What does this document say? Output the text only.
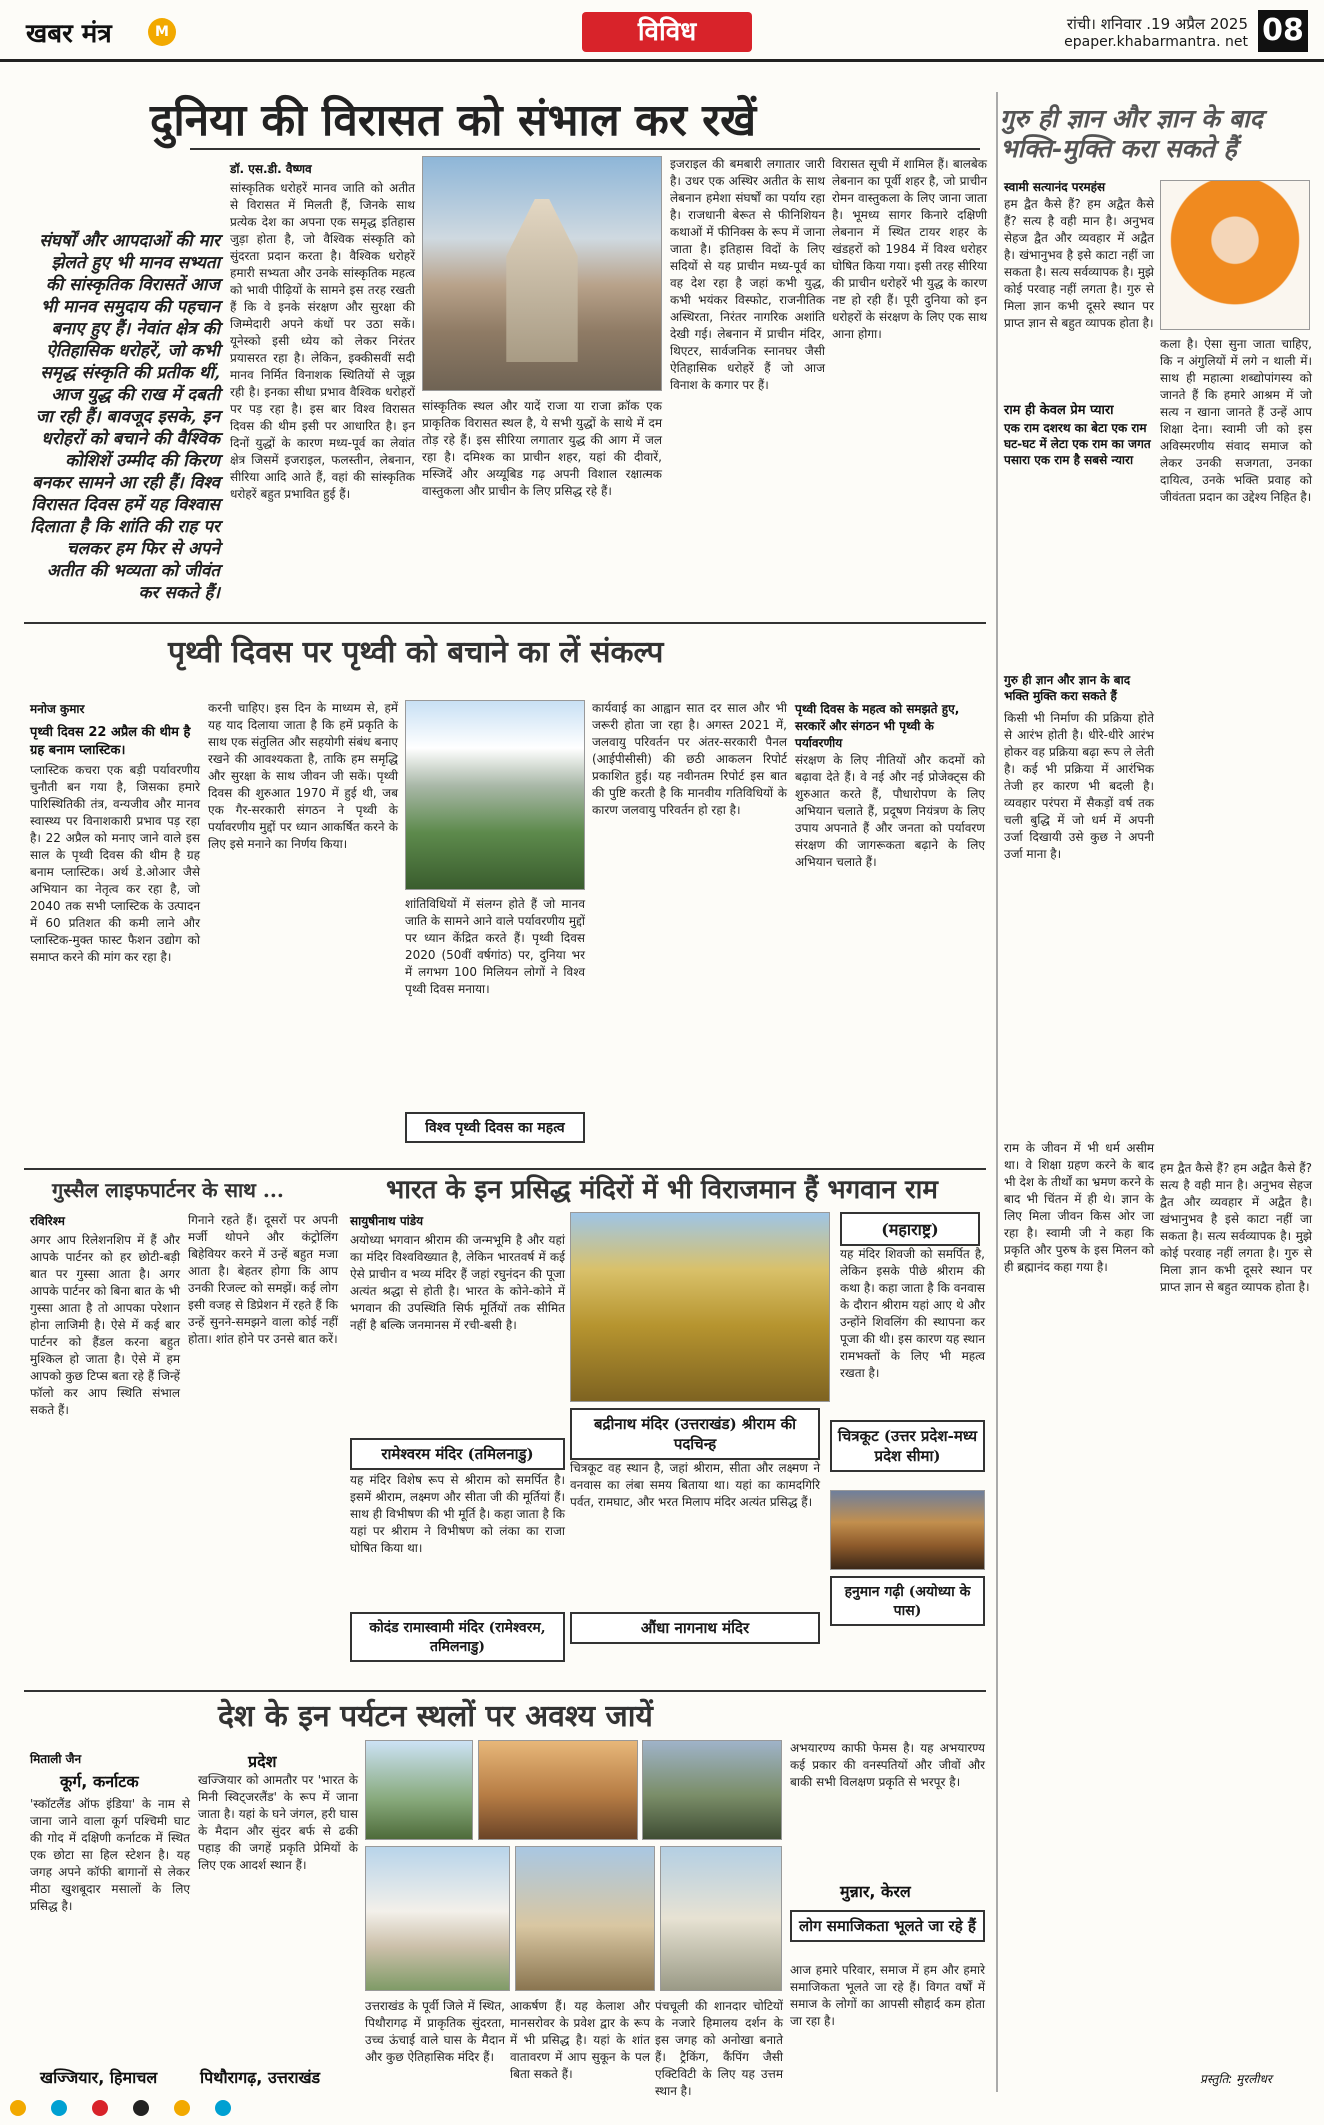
खबर मंत्र	M	विविध	रांची। शनिवार .19 अप्रैल 2025
epaper.khabarmantra. net 08
दुनिया की विरासत को संभाल कर रखें
संघर्षों और आपदाओं की मार झेलते हुए भी मानव सभ्यता की सांस्कृतिक विरासतें आज भी मानव समुदाय की पहचान बनाए हुए हैं। नेवांत क्षेत्र की ऐतिहासिक धरोहरें, जो कभी समृद्ध संस्कृति की प्रतीक थीं, आज युद्ध की राख में दबती जा रही हैं। बावजूद इसके, इन धरोहरों को बचाने की वैश्विक कोशिशें उम्मीद की किरण बनकर सामने आ रही हैं। विश्व विरासत दिवस हमें यह विश्वास दिलाता है कि शांति की राह पर चलकर हम फिर से अपने अतीत की भव्यता को जीवंत कर सकते हैं।
डॉ. एस.डी. वैष्णव
सांस्कृतिक धरोहरें मानव जाति को अतीत से विरासत में मिलती हैं, जिनके साथ प्रत्येक देश का अपना एक समृद्ध इतिहास जुड़ा होता है, जो वैश्विक संस्कृति को सुंदरता प्रदान करता है। वैश्विक धरोहरें हमारी सभ्यता और उनके सांस्कृतिक महत्व को भावी पीढ़ियों के सामने इस तरह रखती हैं कि वे इनके संरक्षण और सुरक्षा की जिम्मेदारी अपने कंधों पर उठा सकें। यूनेस्को इसी ध्येय को लेकर निरंतर प्रयासरत रहा है। लेकिन, इक्कीसवीं सदी मानव निर्मित विनाशक स्थितियों से जूझ रही है। इनका सीधा प्रभाव वैश्विक धरोहरों पर पड़ रहा है। इस बार विश्व विरासत दिवस की थीम इसी पर आधारित है। इन दिनों युद्धों के कारण मध्य-पूर्व का लेवांत क्षेत्र जिसमें इजराइल, फलस्तीन, लेबनान, सीरिया आदि आते हैं, वहां की सांस्कृतिक धरोहरें बहुत प्रभावित हुई हैं।
सांस्कृतिक स्थल और यादें राजा या राजा क्रॉक एक प्राकृतिक विरासत स्थल है, ये सभी युद्धों के साथे में दम तोड़ रहे हैं। इस सीरिया लगातार युद्ध की आग में जल रहा है। दमिश्क का प्राचीन शहर, यहां की दीवारें, मस्जिदें और अय्यूबिड गढ़ अपनी विशाल रक्षात्मक वास्तुकला और प्राचीन के लिए प्रसिद्ध रहे हैं।
इजराइल की बमबारी लगातार जारी है। उधर एक अस्थिर अतीत के साथ लेबनान हमेशा संघर्षों का पर्याय रहा है। राजधानी बेरूत से फीनिशियन कथाओं में फीनिक्स के रूप में जाना जाता है। इतिहास विदों के लिए सदियों से यह प्राचीन मध्य-पूर्व का वह देश रहा है जहां कभी युद्ध, कभी भयंकर विस्फोट, राजनीतिक अस्थिरता, निरंतर नागरिक अशांति देखी गई। लेबनान में प्राचीन मंदिर, थिएटर, सार्वजनिक स्नानघर जैसी ऐतिहासिक धरोहरें हैं जो आज विनाश के कगार पर हैं।
विरासत सूची में शामिल हैं। बालबेक लेबनान का पूर्वी शहर है, जो प्राचीन रोमन वास्तुकला के लिए जाना जाता है। भूमध्य सागर किनारे दक्षिणी लेबनान में स्थित टायर शहर के खंडहरों को 1984 में विश्व धरोहर घोषित किया गया। इसी तरह सीरिया की प्राचीन धरोहरें भी युद्ध के कारण नष्ट हो रही हैं। पूरी दुनिया को इन धरोहरों के संरक्षण के लिए एक साथ आना होगा।
गुरु ही ज्ञान और ज्ञान के बाद भक्ति-मुक्ति करा सकते हैं
स्वामी सत्यानंद परमहंस
हम द्वैत कैसे हैं? हम अद्वैत कैसे हैं? सत्य है वही मान है। अनुभव सेहज द्वैत और व्यवहार में अद्वैत है। खंभानुभव है इसे काटा नहीं जा सकता है। सत्य सर्वव्यापक है। मुझे कोई परवाह नहीं लगता है। गुरु से मिला ज्ञान कभी दूसरे स्थान पर प्राप्त ज्ञान से बहुत व्यापक होता है।
राम ही केवल प्रेम प्यारा
एक राम दशरथ का बेटा एक राम घट-घट में लेटा एक राम का जगत पसारा एक राम है सबसे न्यारा
कला है। ऐसा सुना जाता चाहिए, कि न अंगुलियों में लगे न थाली में। साथ ही महात्मा शब्द्योपांगस्य को जानते हैं कि हमारे आश्रम में जो सत्य न खाना जानते हैं उन्हें आप शिक्षा देना। स्वामी जी को इस अविस्मरणीय संवाद समाज को लेकर उनकी सजगता, उनका दायित्व, उनके भक्ति प्रवाह को जीवंतता प्रदान का उद्देश्य निहित है।
गुरु ही ज्ञान और ज्ञान के बाद भक्ति मुक्ति करा सकते हैं
किसी भी निर्माण की प्रक्रिया होते से आरंभ होती है। धीरे-धीरे आरंभ होकर वह प्रक्रिया बढ़ा रूप ले लेती है। कई भी प्रक्रिया में आरंभिक तेजी हर कारण भी बदली है। व्यवहार परंपरा में सैकड़ों वर्ष तक चली बुद्धि में जो धर्म में अपनी उर्जा दिखायी उसे कुछ ने अपनी उर्जा माना है।
राम के जीवन में भी धर्म असीम था। वे शिक्षा ग्रहण करने के बाद भी देश के तीर्थों का भ्रमण करने के बाद भी चिंतन में ही थे। ज्ञान के लिए मिला जीवन किस ओर जा रहा है। स्वामी जी ने कहा कि प्रकृति और पुरुष के इस मिलन को ही ब्रह्मानंद कहा गया है।
हम द्वैत कैसे हैं? हम अद्वैत कैसे हैं? सत्य है वही मान है। अनुभव सेहज द्वैत और व्यवहार में अद्वैत है। खंभानुभव है इसे काटा नहीं जा सकता है। सत्य सर्वव्यापक है। मुझे कोई परवाह नहीं लगता है। गुरु से मिला ज्ञान कभी दूसरे स्थान पर प्राप्त ज्ञान से बहुत व्यापक होता है।
प्रस्तुति: मुरलीधर
पृथ्वी दिवस पर पृथ्वी को बचाने का लें संकल्प
मनोज कुमार
पृथ्वी दिवस 22 अप्रैल की थीम है ग्रह बनाम प्लास्टिक।
प्लास्टिक कचरा एक बड़ी पर्यावरणीय चुनौती बन गया है, जिसका हमारे पारिस्थितिकी तंत्र, वन्यजीव और मानव स्वास्थ्य पर विनाशकारी प्रभाव पड़ रहा है। 22 अप्रैल को मनाए जाने वाले इस साल के पृथ्वी दिवस की थीम है ग्रह बनाम प्लास्टिक। अर्थ डे.ओआर जैसे अभियान का नेतृत्व कर रहा है, जो 2040 तक सभी प्लास्टिक के उत्पादन में 60 प्रतिशत की कमी लाने और प्लास्टिक-मुक्त फास्ट फैशन उद्योग को समाप्त करने की मांग कर रहा है।
करनी चाहिए। इस दिन के माध्यम से, हमें यह याद दिलाया जाता है कि हमें प्रकृति के साथ एक संतुलित और सहयोगी संबंध बनाए रखने की आवश्यकता है, ताकि हम समृद्धि और सुरक्षा के साथ जीवन जी सकें। पृथ्वी दिवस की शुरुआत 1970 में हुई थी, जब एक गैर-सरकारी संगठन ने पृथ्वी के पर्यावरणीय मुद्दों पर ध्यान आकर्षित करने के लिए इसे मनाने का निर्णय किया।
शांतिविधियों में संलग्न होते हैं जो मानव जाति के सामने आने वाले पर्यावरणीय मुद्दों पर ध्यान केंद्रित करते हैं। पृथ्वी दिवस 2020 (50वीं वर्षगांठ) पर, दुनिया भर में लगभग 100 मिलियन लोगों ने विश्व पृथ्वी दिवस मनाया।
विश्व पृथ्वी दिवस का महत्व
कार्यवाई का आह्वान सात दर साल और भी जरूरी होता जा रहा है। अगस्त 2021 में, जलवायु परिवर्तन पर अंतर-सरकारी पैनल (आईपीसीसी) की छठी आकलन रिपोर्ट प्रकाशित हुई। यह नवीनतम रिपोर्ट इस बात की पुष्टि करती है कि मानवीय गतिविधियों के कारण जलवायु परिवर्तन हो रहा है।
पृथ्वी दिवस के महत्व को समझते हुए, सरकारें और संगठन भी पृथ्वी के पर्यावरणीय
संरक्षण के लिए नीतियों और कदमों को बढ़ावा देते हैं। वे नई और नई प्रोजेक्ट्स की शुरुआत करते हैं, पौधारोपण के लिए अभियान चलाते हैं, प्रदूषण नियंत्रण के लिए उपाय अपनाते हैं और जनता को पर्यावरण संरक्षण की जागरूकता बढ़ाने के लिए अभियान चलाते हैं।
गुस्सैल लाइफपार्टनर के साथ ...
रविरिश्म
अगर आप रिलेशनशिप में हैं और आपके पार्टनर को हर छोटी-बड़ी बात पर गुस्सा आता है। अगर आपके पार्टनर को बिना बात के भी गुस्सा आता है तो आपका परेशान होना लाजिमी है। ऐसे में कई बार पार्टनर को हैंडल करना बहुत मुश्किल हो जाता है। ऐसे में हम आपको कुछ टिप्स बता रहे हैं जिन्हें फॉलो कर आप स्थिति संभाल सकते हैं।
गिनाने रहते हैं। दूसरों पर अपनी मर्जी थोपने और कंट्रोलिंग बिहेवियर करने में उन्हें बहुत मजा आता है। बेहतर होगा कि आप उनकी रिजल्ट को समझें। कई लोग इसी वजह से डिप्रेशन में रहते हैं कि उन्हें सुनने-समझने वाला कोई नहीं होता। शांत होने पर उनसे बात करें।
भारत के इन प्रसिद्ध मंदिरों में भी विराजमान हैं भगवान राम
सायुषीनाथ पांडेय
अयोध्या भगवान श्रीराम की जन्मभूमि है और यहां का मंदिर विश्वविख्यात है, लेकिन भारतवर्ष में कई ऐसे प्राचीन व भव्य मंदिर हैं जहां रघुनंदन की पूजा अत्यंत श्रद्धा से होती है। भारत के कोने-कोने में भगवान की उपस्थिति सिर्फ मूर्तियों तक सीमित नहीं है बल्कि जनमानस में रची-बसी है।
(महाराष्ट्र)
यह मंदिर शिवजी को समर्पित है, लेकिन इसके पीछे श्रीराम की कथा है। कहा जाता है कि वनवास के दौरान श्रीराम यहां आए थे और उन्होंने शिवलिंग की स्थापना कर पूजा की थी। इस कारण यह स्थान रामभक्तों के लिए भी महत्व रखता है।
चित्रकूट (उत्तर प्रदेश-मध्य प्रदेश सीमा)
रामेश्वरम मंदिर (तमिलनाडु)
यह मंदिर विशेष रूप से श्रीराम को समर्पित है। इसमें श्रीराम, लक्ष्मण और सीता जी की मूर्तियां हैं। साथ ही विभीषण की भी मूर्ति है। कहा जाता है कि यहां पर श्रीराम ने विभीषण को लंका का राजा घोषित किया था।
बद्रीनाथ मंदिर (उत्तराखंड) श्रीराम की पदचिन्ह
चित्रकूट वह स्थान है, जहां श्रीराम, सीता और लक्ष्मण ने वनवास का लंबा समय बिताया था। यहां का कामदगिरि पर्वत, रामघाट, और भरत मिलाप मंदिर अत्यंत प्रसिद्ध हैं।
हनुमान गढ़ी (अयोध्या के पास)
कोदंड रामास्वामी मंदिर (रामेश्वरम, तमिलनाडु)
औंधा नागनाथ मंदिर
देश के इन पर्यटन स्थलों पर अवश्य जायें
मिताली जैन
कूर्ग, कर्नाटक
'स्कॉटलैंड ऑफ इंडिया' के नाम से जाना जाने वाला कूर्ग पश्चिमी घाट की गोद में दक्षिणी कर्नाटक में स्थित एक छोटा सा हिल स्टेशन है। यह जगह अपने कॉफी बागानों से लेकर मीठा खुशबूदार मसालों के लिए प्रसिद्ध है।
प्रदेश
खज्जियार को आमतौर पर 'भारत के मिनी स्विट्जरलैंड' के रूप में जाना जाता है। यहां के घने जंगल, हरी घास के मैदान और सुंदर बर्फ से ढकी पहाड़ की जगहें प्रकृति प्रेमियों के लिए एक आदर्श स्थान हैं।
अभयारण्य काफी फेमस है। यह अभयारण्य कई प्रकार की वनस्पतियों और जीवों और बाकी सभी विलक्षण प्रकृति से भरपूर है।
मुन्नार, केरल
लोग समाजिकता भूलते जा रहे हैं
आज हमारे परिवार, समाज में हम और हमारे समाजिकता भूलते जा रहे हैं। विगत वर्षों में समाज के लोगों का आपसी सौहार्द कम होता जा रहा है।
उत्तराखंड के पूर्वी जिले में स्थित, पिथौरागढ़ में प्राकृतिक सुंदरता, उच्च ऊंचाई वाले घास के मैदान और कुछ ऐतिहासिक मंदिर हैं।
आकर्षण हैं। यह केलाश और मानसरोवर के प्रवेश द्वार के रूप में भी प्रसिद्ध है। यहां के शांत वातावरण में आप सुकून के पल बिता सकते हैं।
पंचचूली की शानदार चोटियों के नजारे हिमालय दर्शन के इस जगह को अनोखा बनाते हैं। ट्रैकिंग, कैंपिंग जैसी एक्टिविटी के लिए यह उत्तम स्थान है।
खज्जियार, हिमाचल	पिथौरागढ़, उत्तराखंड
